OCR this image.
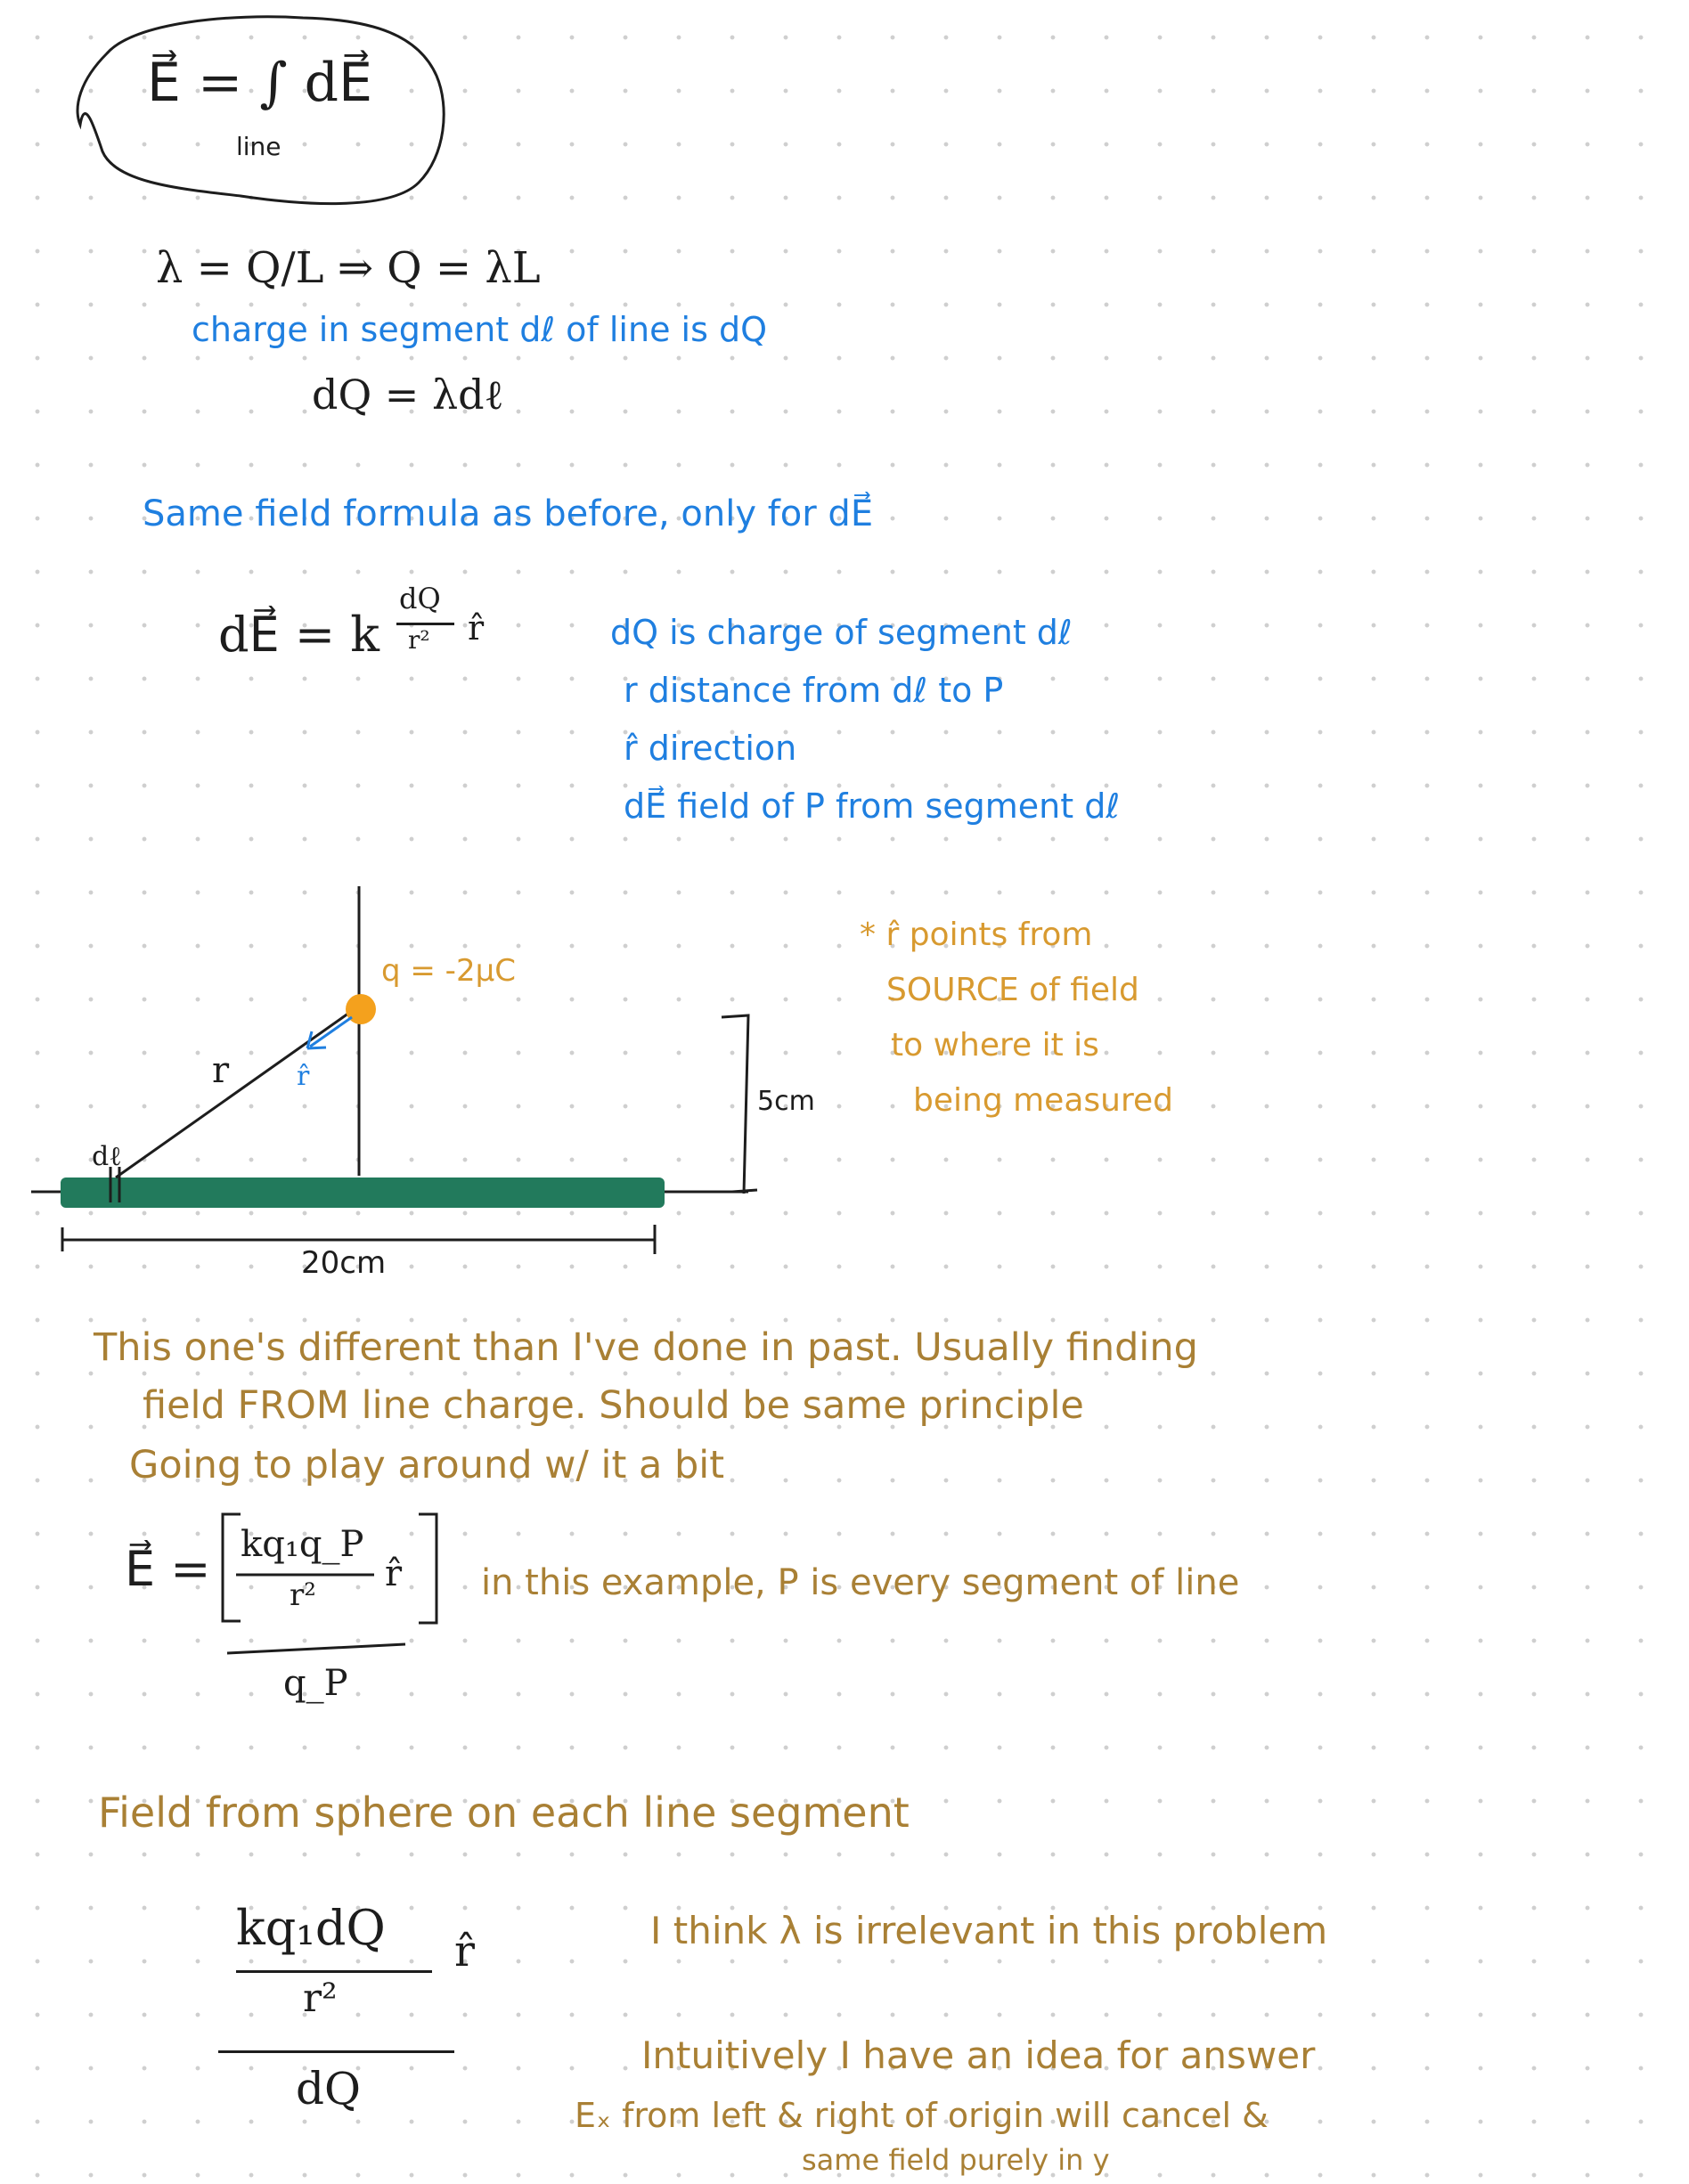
E⃗ = ∫ dE⃗
line
λ = Q/L ⇒ Q = λL
charge in segment dℓ of line is dQ
dQ = λdℓ
Same field formula as before, only for dE⃗
dE⃗ = k
dQ
r² r̂	dQ is charge of segment dℓ
r distance from dℓ to P
r̂ direction
dE⃗ field of P from segment dℓ
q = -2μC
r	r̂
dℓ
5cm
20cm
* r̂ points from
SOURCE of field
to where it is
being measured
This one's different than I've done in past. Usually finding
field FROM line charge. Should be same principle
Going to play around w/ it a bit
E⃗ = kq₁q_P
r²
r̂
q_P
in this example, P is every segment of line
Field from sphere on each line segment
kq₁dQ
r²
r̂
dQ
I think λ is irrelevant in this problem
Intuitively I have an idea for answer
Eₓ from left & right of origin will cancel &
same field purely in y
